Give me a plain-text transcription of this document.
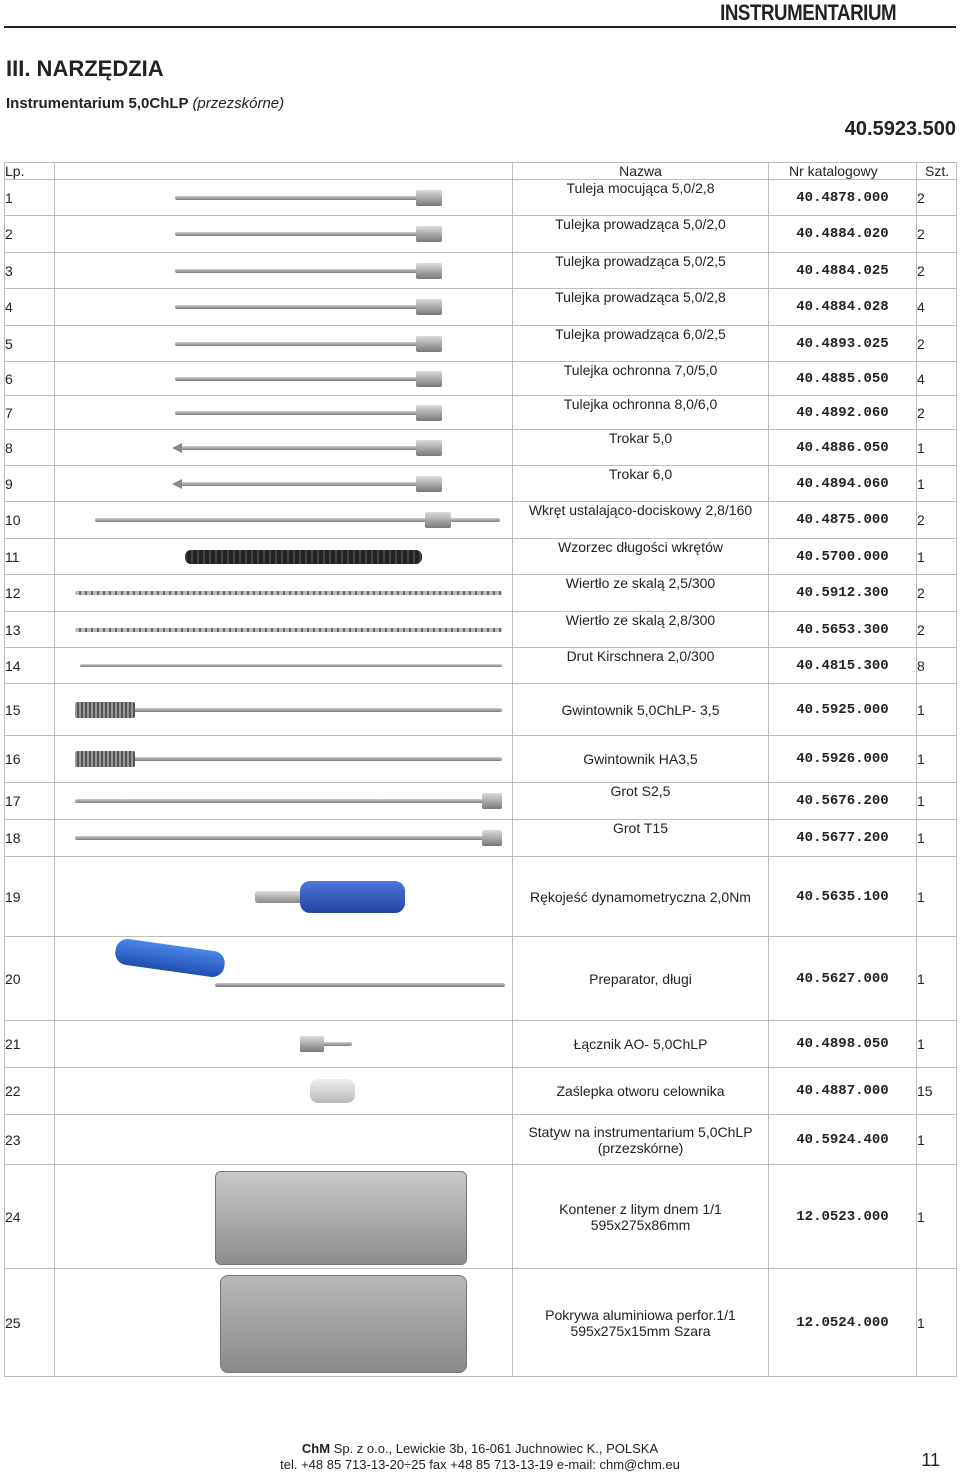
INSTRUMENTARIUM
III. NARZĘDZIA
Instrumentarium 5,0ChLP (przezskórne)
40.5923.500
Lp.		Nazwa	Nr katalogowy	Szt.
1		Tuleja mocująca 5,0/2,8	40.4878.000	2
2		Tulejka prowadząca 5,0/2,0	40.4884.020	2
3		Tulejka prowadząca 5,0/2,5	40.4884.025	2
4		Tulejka prowadząca 5,0/2,8	40.4884.028	4
5		Tulejka prowadząca 6,0/2,5	40.4893.025	2
6		Tulejka ochronna 7,0/5,0	40.4885.050	4
7		Tulejka ochronna 8,0/6,0	40.4892.060	2
8		Trokar 5,0	40.4886.050	1
9		Trokar 6,0	40.4894.060	1
10		Wkręt ustalająco-dociskowy 2,8/160	40.4875.000	2
11		Wzorzec długości wkrętów	40.5700.000	1
12		Wiertło ze skalą 2,5/300	40.5912.300	2
13		Wiertło ze skalą 2,8/300	40.5653.300	2
14		Drut Kirschnera 2,0/300	40.4815.300	8
15		Gwintownik 5,0ChLP- 3,5	40.5925.000	1
16		Gwintownik HA3,5	40.5926.000	1
17		Grot S2,5	40.5676.200	1
18		Grot T15	40.5677.200	1
19		Rękojeść dynamometryczna 2,0Nm	40.5635.100	1
20		Preparator, długi	40.5627.000	1
21		Łącznik AO- 5,0ChLP	40.4898.050	1
22		Zaślepka otworu celownika	40.4887.000	15
23		Statyw na instrumentarium 5,0ChLP
(przezskórne)	40.5924.400	1
24		Kontener z litym dnem 1/1
595x275x86mm	12.0523.000	1
25		Pokrywa aluminiowa perfor.1/1
595x275x15mm Szara	12.0524.000	1
ChM Sp. z o.o., Lewickie 3b, 16-061 Juchnowiec K., POLSKA
tel. +48 85 713-13-20÷25 fax +48 85 713-13-19 e-mail: chm@chm.eu	11
